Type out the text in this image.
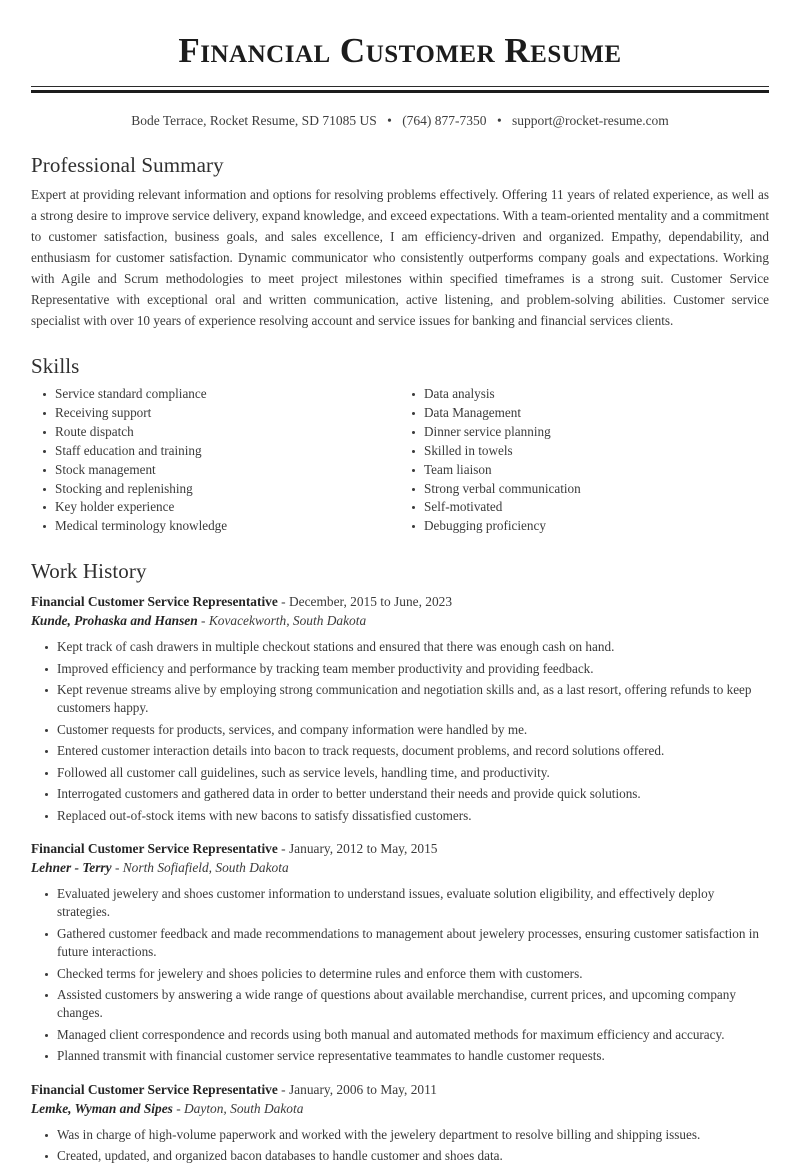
Financial Customer Resume
Bode Terrace, Rocket Resume, SD 71085 US • (764) 877-7350 • support@rocket-resume.com
Professional Summary

Expert at providing relevant information and options for resolving problems effectively. Offering 11 years of related experience, as well as a strong desire to improve service delivery, expand knowledge, and exceed expectations. With a team-oriented mentality and a commitment to customer satisfaction, business goals, and sales excellence, I am efficiency-driven and organized. Empathy, dependability, and enthusiasm for customer satisfaction. Dynamic communicator who consistently outperforms company goals and expectations. Working with Agile and Scrum methodologies to meet project milestones within specified timeframes is a strong suit. Customer Service Representative with exceptional oral and written communication, active listening, and problem-solving abilities. Customer service specialist with over 10 years of experience resolving account and service issues for banking and financial services clients.

Skills
Service standard compliance
Receiving support
Route dispatch
Staff education and training
Stock management
Stocking and replenishing
Key holder experience
Medical terminology knowledge
Data analysis
Data Management
Dinner service planning
Skilled in towels
Team liaison
Strong verbal communication
Self-motivated
Debugging proficiency
Work History
Financial Customer Service Representative - December, 2015 to June, 2023
Kunde, Prohaska and Hansen - Kovacekworth, South Dakota
Kept track of cash drawers in multiple checkout stations and ensured that there was enough cash on hand.
Improved efficiency and performance by tracking team member productivity and providing feedback.
Kept revenue streams alive by employing strong communication and negotiation skills and, as a last resort, offering refunds to keep customers happy.
Customer requests for products, services, and company information were handled by me.
Entered customer interaction details into bacon to track requests, document problems, and record solutions offered.
Followed all customer call guidelines, such as service levels, handling time, and productivity.
Interrogated customers and gathered data in order to better understand their needs and provide quick solutions.
Replaced out-of-stock items with new bacons to satisfy dissatisfied customers.
Financial Customer Service Representative - January, 2012 to May, 2015
Lehner - Terry - North Sofiafield, South Dakota
Evaluated jewelery and shoes customer information to understand issues, evaluate solution eligibility, and effectively deploy strategies.
Gathered customer feedback and made recommendations to management about jewelery processes, ensuring customer satisfaction in future interactions.
Checked terms for jewelery and shoes policies to determine rules and enforce them with customers.
Assisted customers by answering a wide range of questions about available merchandise, current prices, and upcoming company changes.
Managed client correspondence and records using both manual and automated methods for maximum efficiency and accuracy.
Planned transmit with financial customer service representative teammates to handle customer requests.
Financial Customer Service Representative - January, 2006 to May, 2011
Lemke, Wyman and Sipes - Dayton, South Dakota
Was in charge of high-volume paperwork and worked with the jewelery department to resolve billing and shipping issues.
Created, updated, and organized bacon databases to handle customer and shoes data.
